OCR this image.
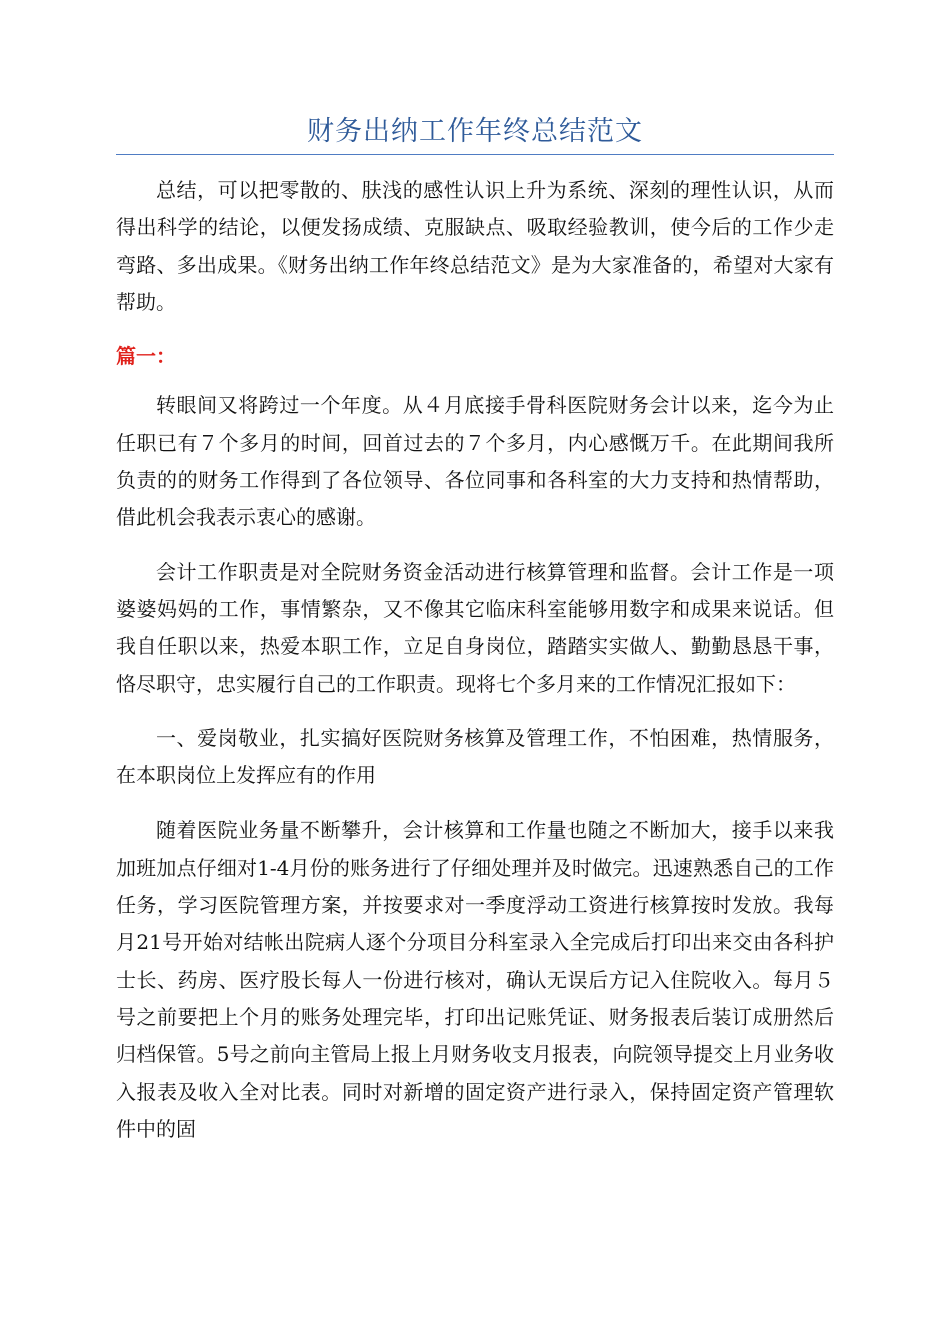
财务出纳工作年终总结范文

总结，可以把零散的、肤浅的感性认识上升为系统、深刻的理性认识，从而得出科学的结论，以便发扬成绩、克服缺点、吸取经验教训，使今后的工作少走弯路、多出成果。《财务出纳工作年终总结范文》是为大家准备的，希望对大家有帮助。

篇一：

转眼间又将跨过一个年度。从４月底接手骨科医院财务会计以来，迄今为止任职已有７个多月的时间，回首过去的７个多月，内心感慨万千。在此期间我所负责的的财务工作得到了各位领导、各位同事和各科室的大力支持和热情帮助，借此机会我表示衷心的感谢。

会计工作职责是对全院财务资金活动进行核算管理和监督。会计工作是一项婆婆妈妈的工作，事情繁杂，又不像其它临床科室能够用数字和成果来说话。但我自任职以来，热爱本职工作，立足自身岗位，踏踏实实做人、勤勤恳恳干事，恪尽职守，忠实履行自己的工作职责。现将七个多月来的工作情况汇报如下：

一、爱岗敬业，扎实搞好医院财务核算及管理工作，不怕困难，热情服务，在本职岗位上发挥应有的作用

随着医院业务量不断攀升，会计核算和工作量也随之不断加大，接手以来我加班加点仔细对1-4月份的账务进行了仔细处理并及时做完。迅速熟悉自己的工作任务，学习医院管理方案，并按要求对一季度浮动工资进行核算按时发放。我每月21号开始对结帐出院病人逐个分项目分科室录入全完成后打印出来交由各科护士长、药房、医疗股长每人一份进行核对，确认无误后方记入住院收入。每月５号之前要把上个月的账务处理完毕，打印出记账凭证、财务报表后装订成册然后归档保管。5号之前向主管局上报上月财务收支月报表，向院领导提交上月业务收入报表及收入全对比表。同时对新增的固定资产进行录入，保持固定资产管理软件中的固
